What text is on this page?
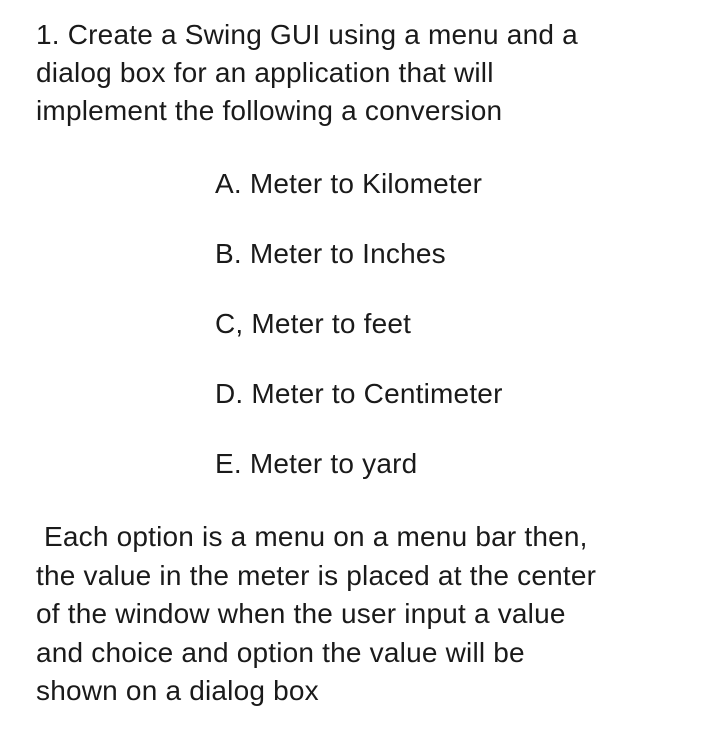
1. Create a Swing GUI using a menu and a
dialog box for an application that will
implement the following a conversion
A. Meter to Kilometer
B. Meter to Inches
C, Meter to feet
D. Meter to Centimeter
E. Meter to yard
Each option is a menu on a menu bar then,
the value in the meter is placed at the center
of the window when the user input a value
and choice and option the value will be
shown on a dialog box
